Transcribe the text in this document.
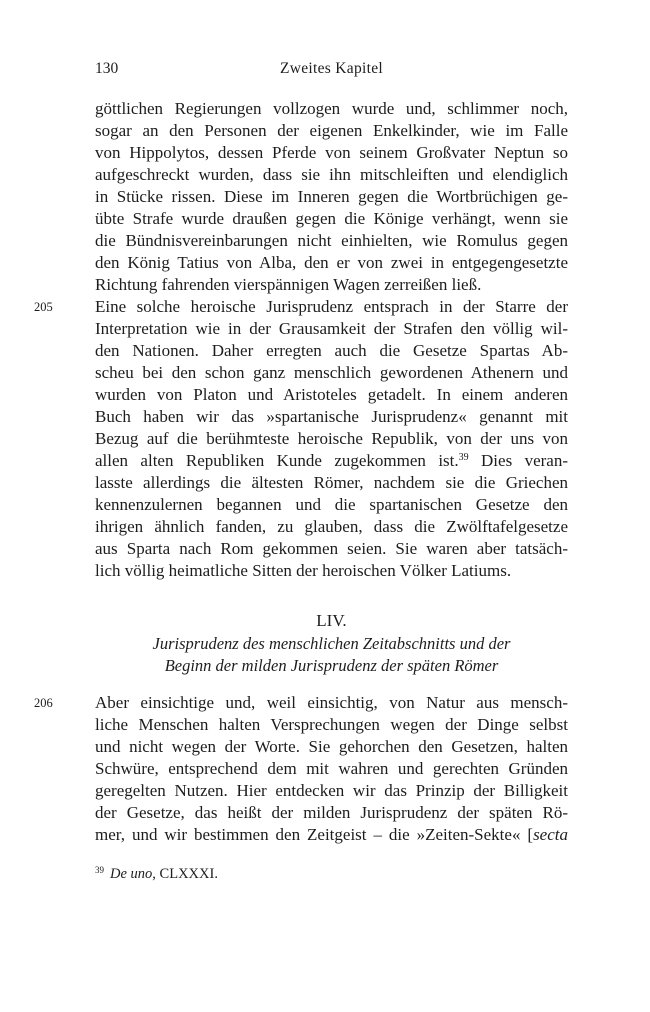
130	Zweites Kapitel
göttlichen Regierungen vollzogen wurde und, schlimmer noch,
sogar an den Personen der eigenen Enkelkinder, wie im Falle
von Hippolytos, dessen Pferde von seinem Großvater Neptun so
aufgeschreckt wurden, dass sie ihn mitschleiften und elendiglich
in Stücke rissen. Diese im Inneren gegen die Wortbrüchigen ge-
übte Strafe wurde draußen gegen die Könige verhängt, wenn sie
die Bündnisvereinbarungen nicht einhielten, wie Romulus gegen
den König Tatius von Alba, den er von zwei in entgegengesetzte
Richtung fahrenden vierspännigen Wagen zerreißen ließ.
205 Eine solche heroische Jurisprudenz entsprach in der Starre der
Interpretation wie in der Grausamkeit der Strafen den völlig wil-
den Nationen. Daher erregten auch die Gesetze Spartas Ab-
scheu bei den schon ganz menschlich gewordenen Athenern und
wurden von Platon und Aristoteles getadelt. In einem anderen
Buch haben wir das »spartanische Jurisprudenz« genannt mit
Bezug auf die berühmteste heroische Republik, von der uns von
allen alten Republiken Kunde zugekommen ist.$^{39}$ Dies veran-
lasste allerdings die ältesten Römer, nachdem sie die Griechen
kennenzulernen begannen und die spartanischen Gesetze den
ihrigen ähnlich fanden, zu glauben, dass die Zwölftafelgesetze
aus Sparta nach Rom gekommen seien. Sie waren aber tatsäch-
lich völlig heimatliche Sitten der heroischen Völker Latiums.
LIV.
Jurisprudenz des menschlichen Zeitabschnitts und der
Beginn der milden Jurisprudenz der späten Römer
206 Aber einsichtige und, weil einsichtig, von Natur aus mensch-
liche Menschen halten Versprechungen wegen der Dinge selbst
und nicht wegen der Worte. Sie gehorchen den Gesetzen, halten
Schwüre, entsprechend dem mit wahren und gerechten Gründen
geregelten Nutzen. Hier entdecken wir das Prinzip der Billigkeit
der Gesetze, das heißt der milden Jurisprudenz der späten Rö-
mer, und wir bestimmen den Zeitgeist – die »Zeiten-Sekte« [secta
$^{39}$ De uno, CLXXXI.
